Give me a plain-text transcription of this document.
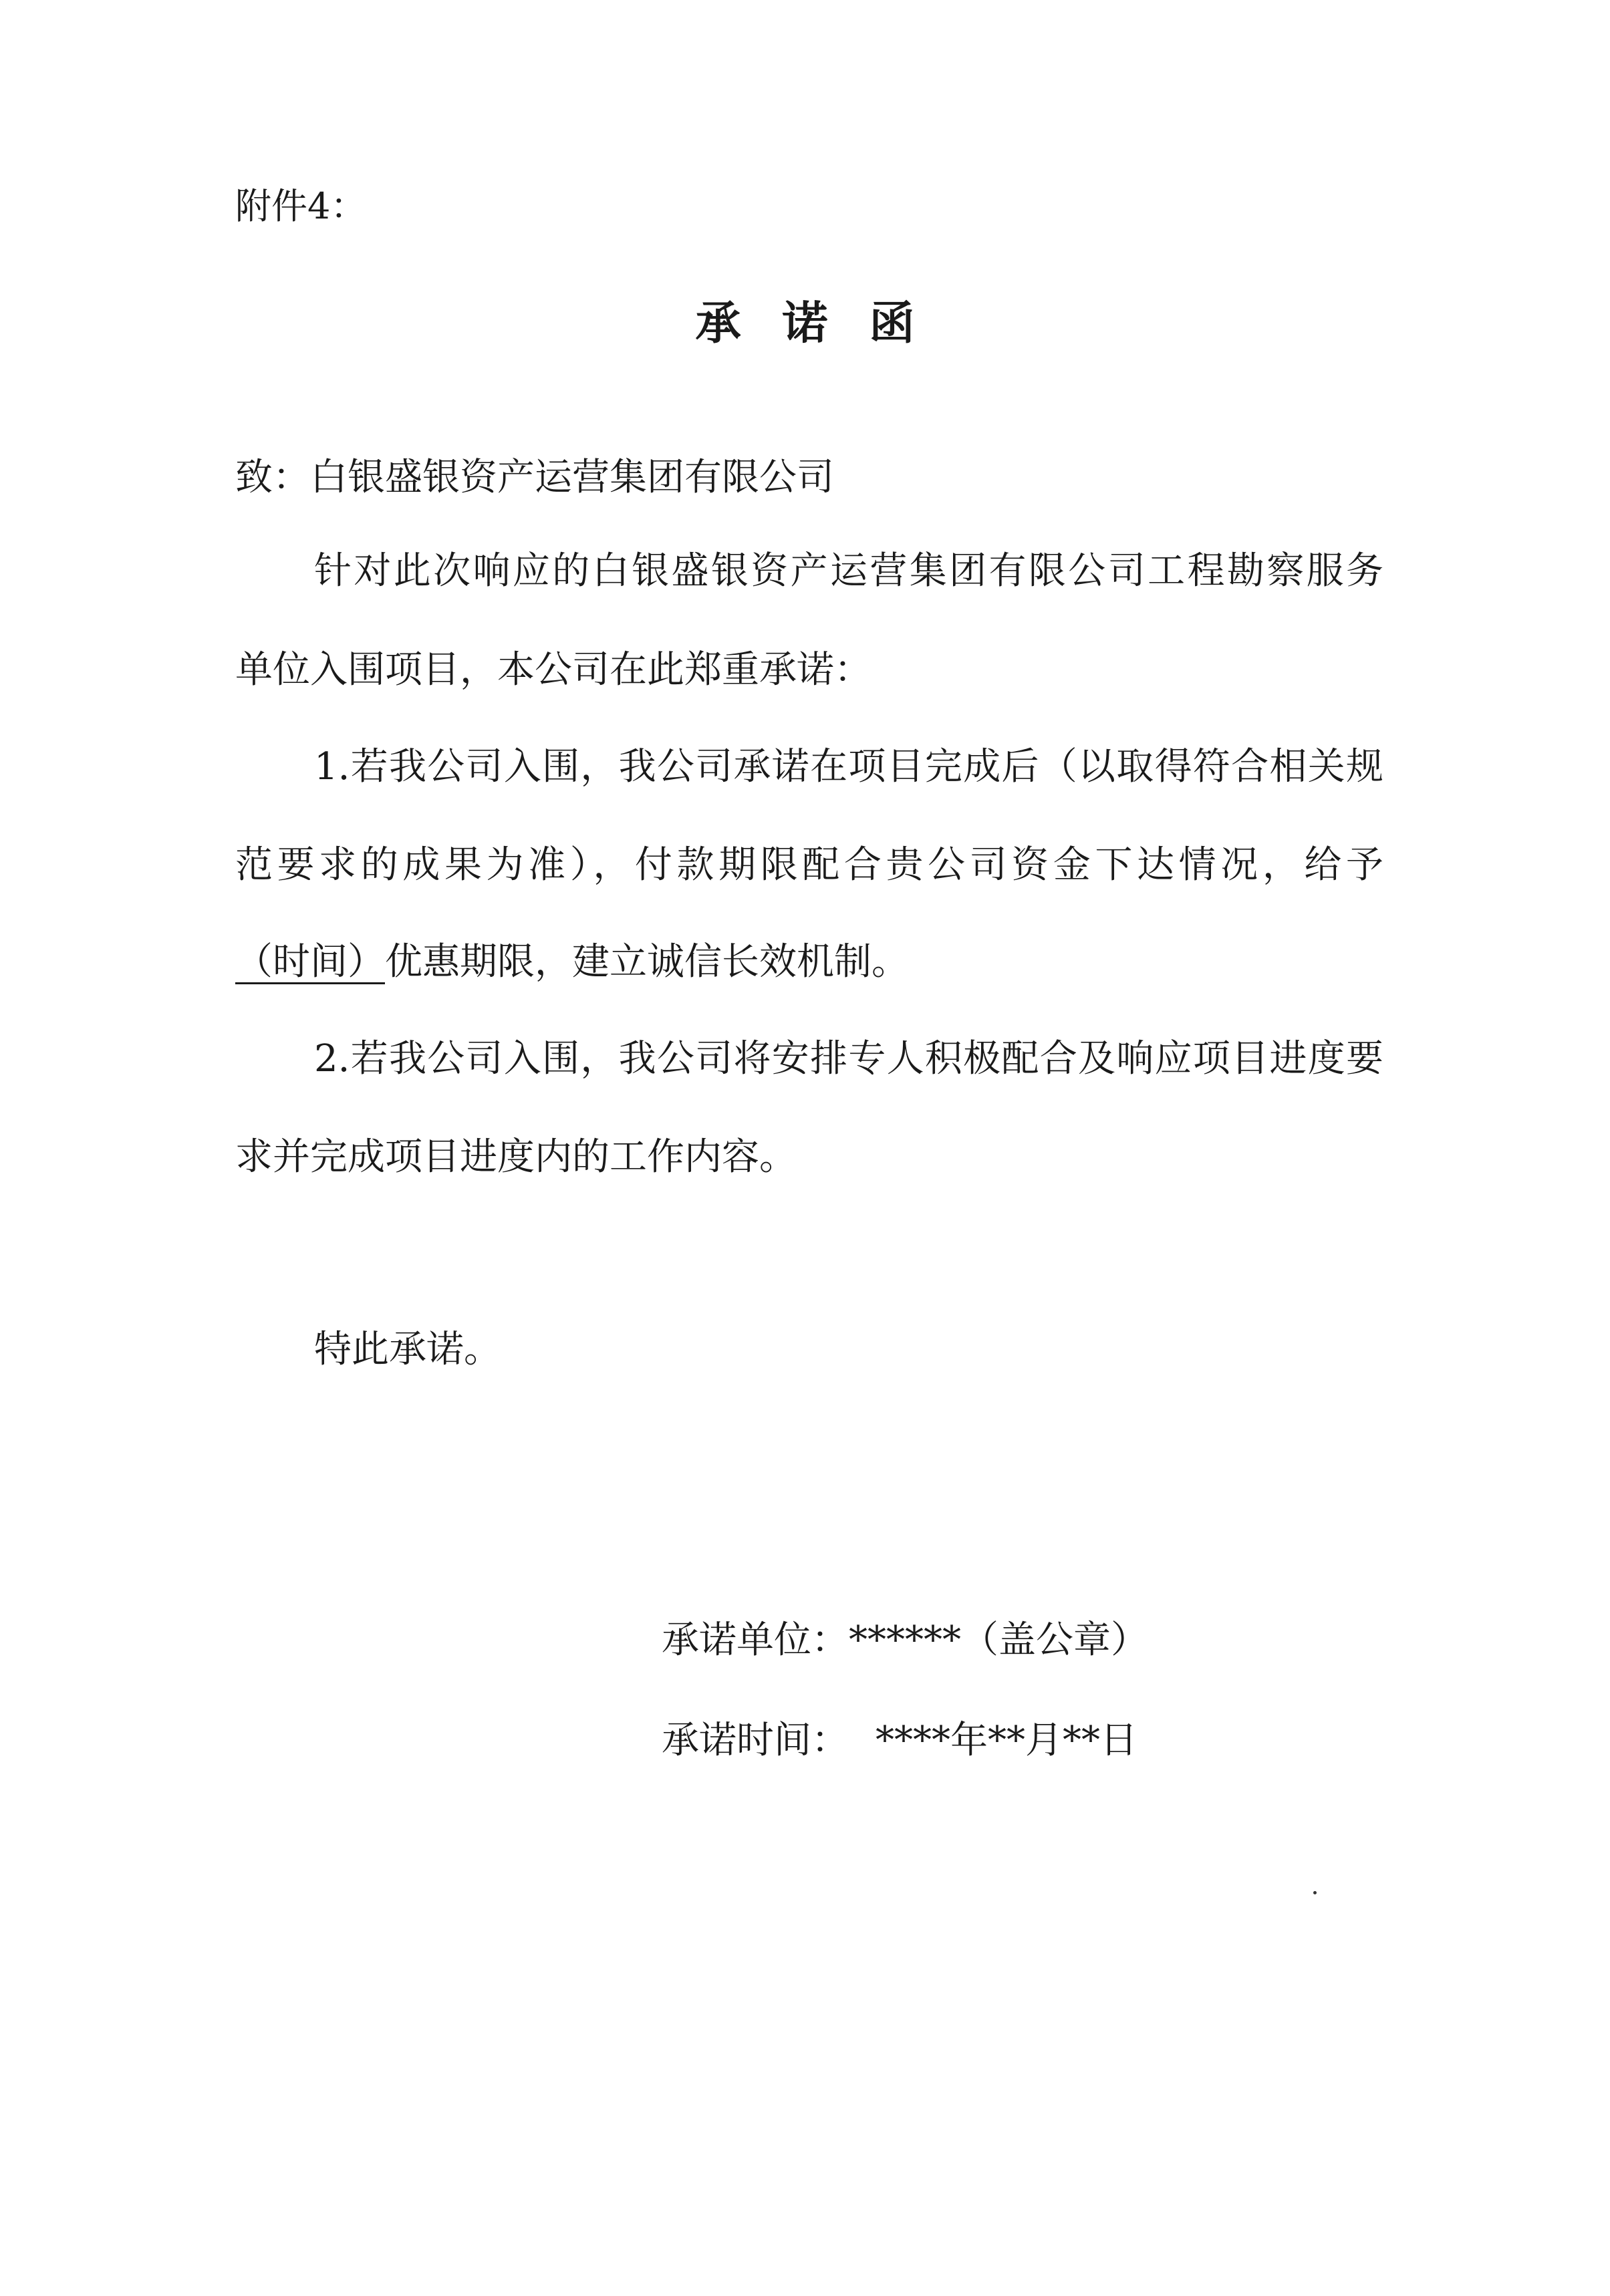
附件4：
承诺函
致：白银盛银资产运营集团有限公司
针对此次响应的白银盛银资产运营集团有限公司工程勘察服务
单位入围项目，本公司在此郑重承诺：
1.若我公司入围，我公司承诺在项目完成后（以取得符合相关规
范要求的成果为准），付款期限配合贵公司资金下达情况，给予
（时间）优惠期限，建立诚信长效机制。
2.若我公司入围，我公司将安排专人积极配合及响应项目进度要
求并完成项目进度内的工作内容。
特此承诺。
承诺单位：******（盖公章）
承诺时间： ****年**月**日
